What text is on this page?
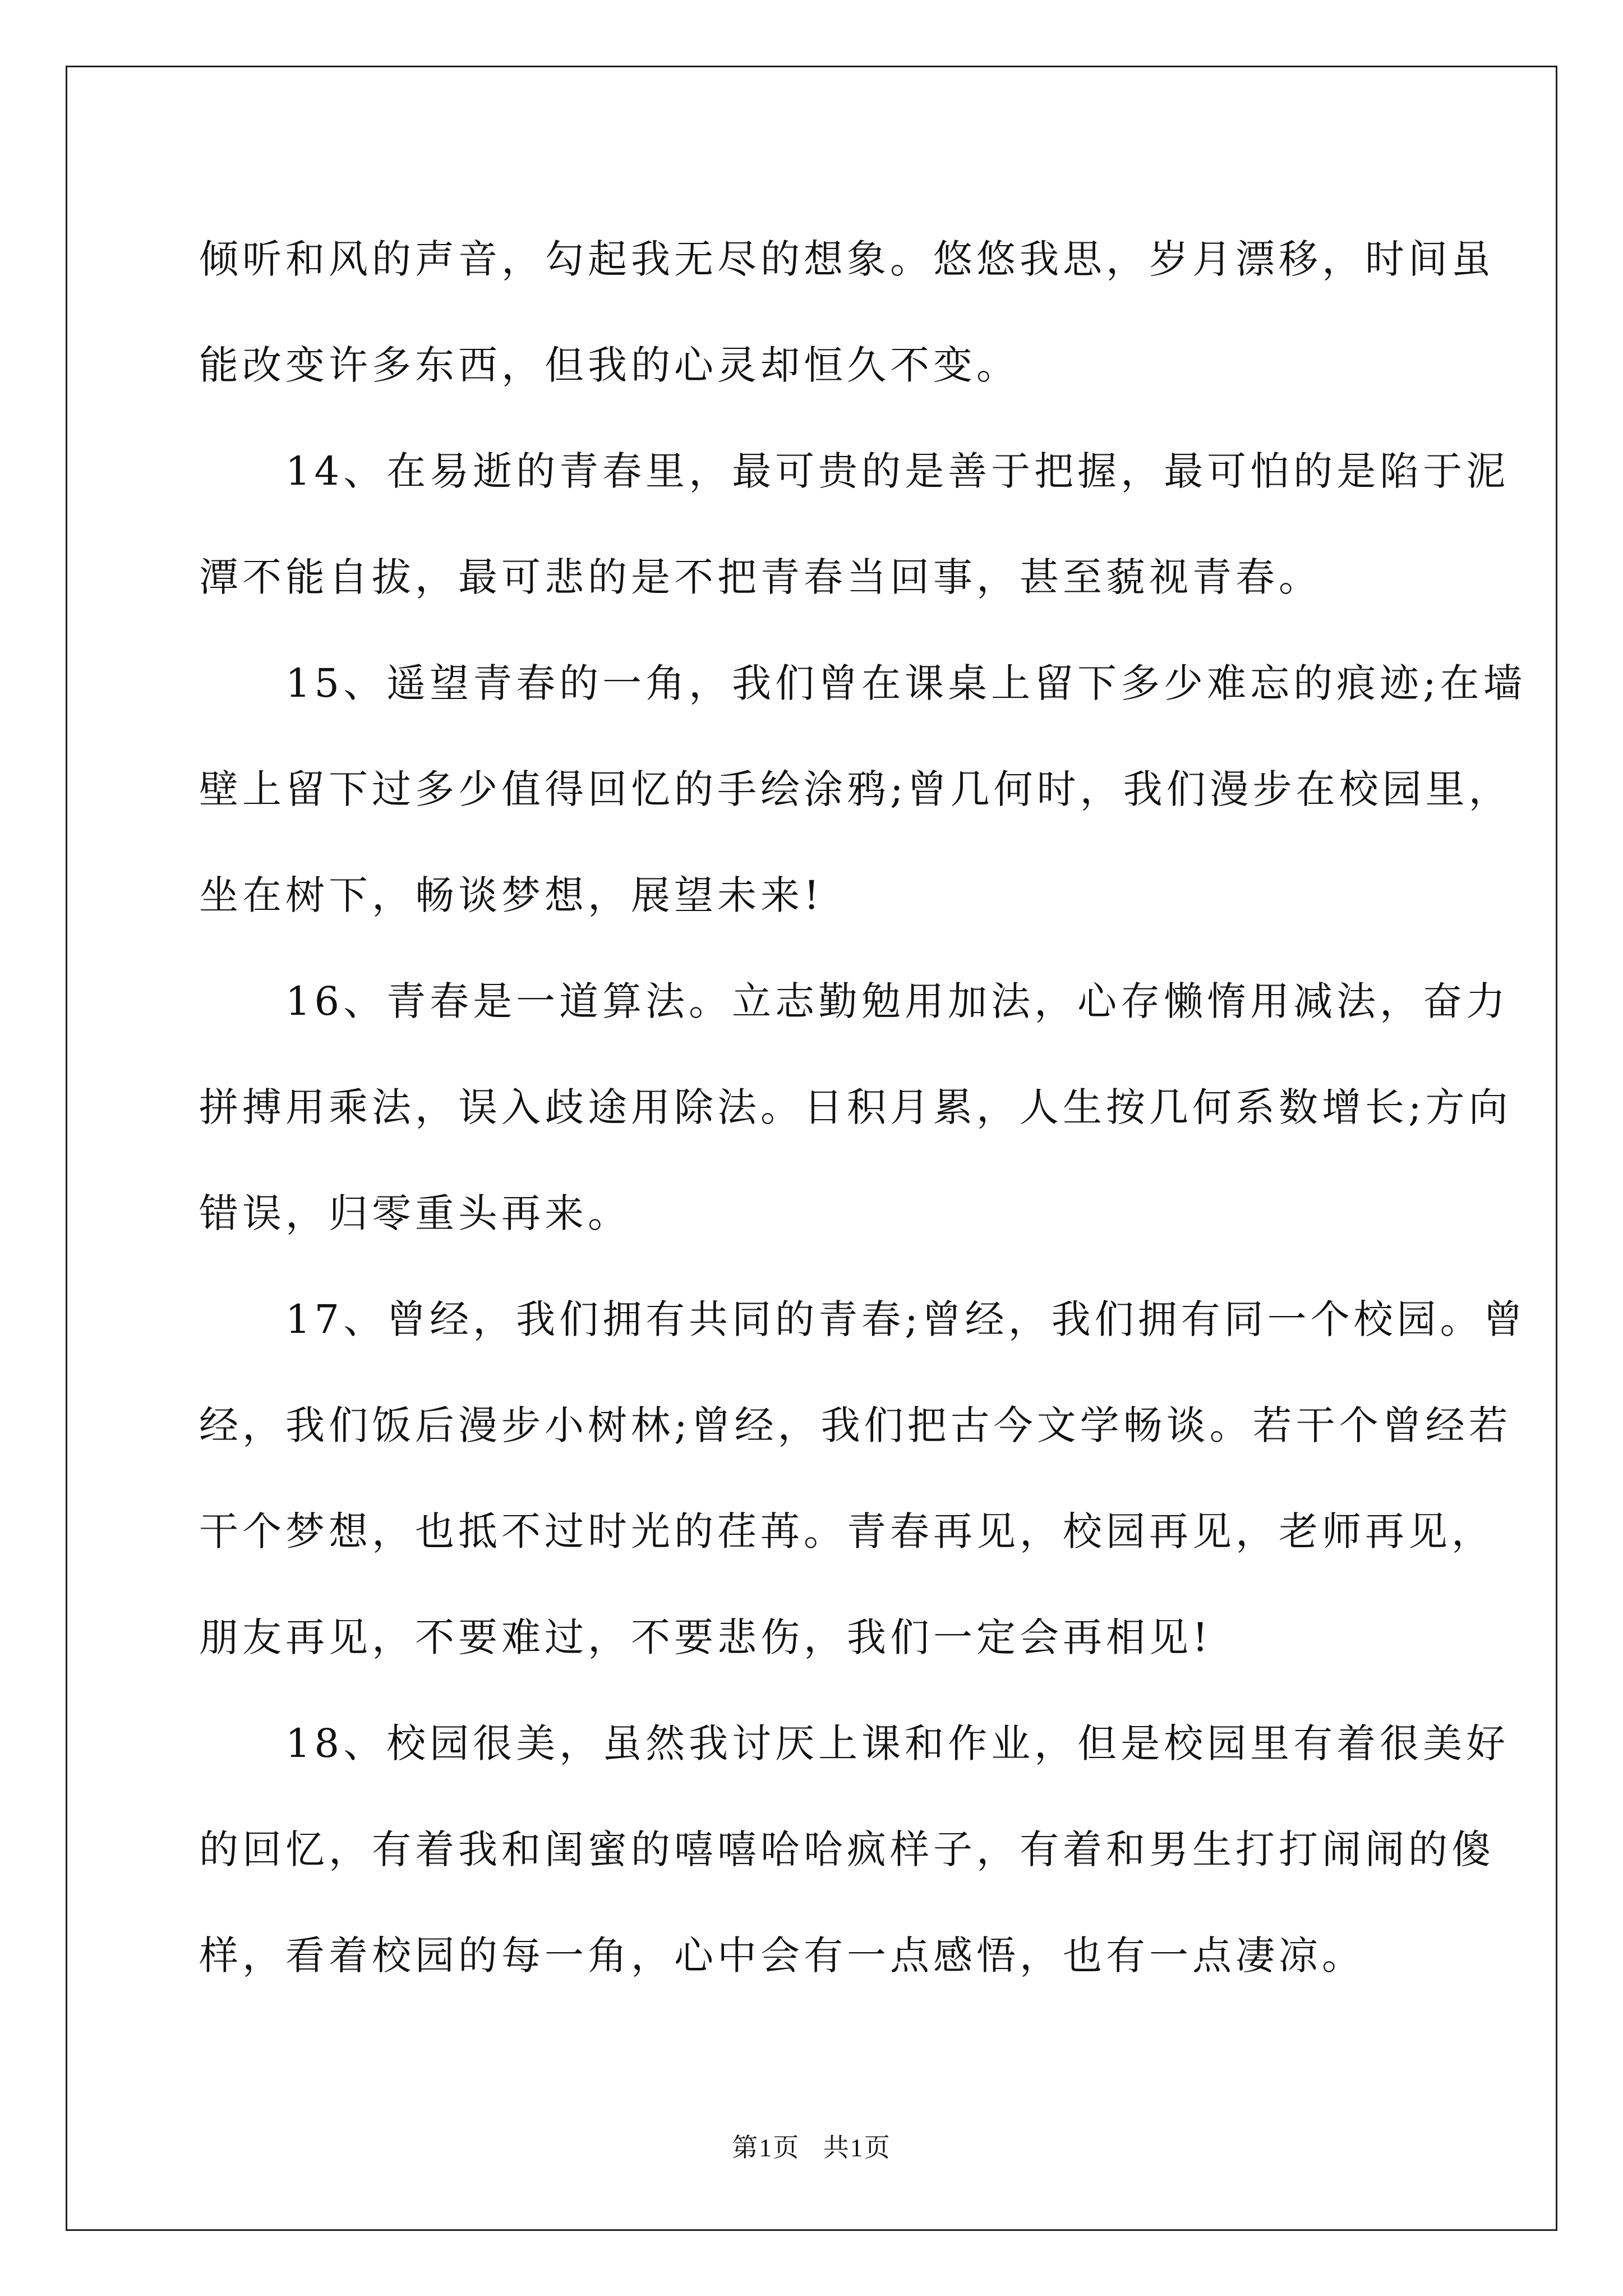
倾听和风的声音，勾起我无尽的想象。悠悠我思，岁月漂移，时间虽
能改变许多东西，但我的心灵却恒久不变。
14、在易逝的青春里，最可贵的是善于把握，最可怕的是陷于泥
潭不能自拔，最可悲的是不把青春当回事，甚至藐视青春。
15、遥望青春的一角，我们曾在课桌上留下多少难忘的痕迹;在墙
壁上留下过多少值得回忆的手绘涂鸦;曾几何时，我们漫步在校园里，
坐在树下，畅谈梦想，展望未来!
16、青春是一道算法。立志勤勉用加法，心存懒惰用减法，奋力
拼搏用乘法，误入歧途用除法。日积月累，人生按几何系数增长;方向
错误，归零重头再来。
17、曾经，我们拥有共同的青春;曾经，我们拥有同一个校园。曾
经，我们饭后漫步小树林;曾经，我们把古今文学畅谈。若干个曾经若
干个梦想，也抵不过时光的荏苒。青春再见，校园再见，老师再见，
朋友再见，不要难过，不要悲伤，我们一定会再相见!
18、校园很美，虽然我讨厌上课和作业，但是校园里有着很美好
的回忆，有着我和闺蜜的嘻嘻哈哈疯样子，有着和男生打打闹闹的傻
样，看着校园的每一角，心中会有一点感悟，也有一点凄凉。
第1页 共1页
